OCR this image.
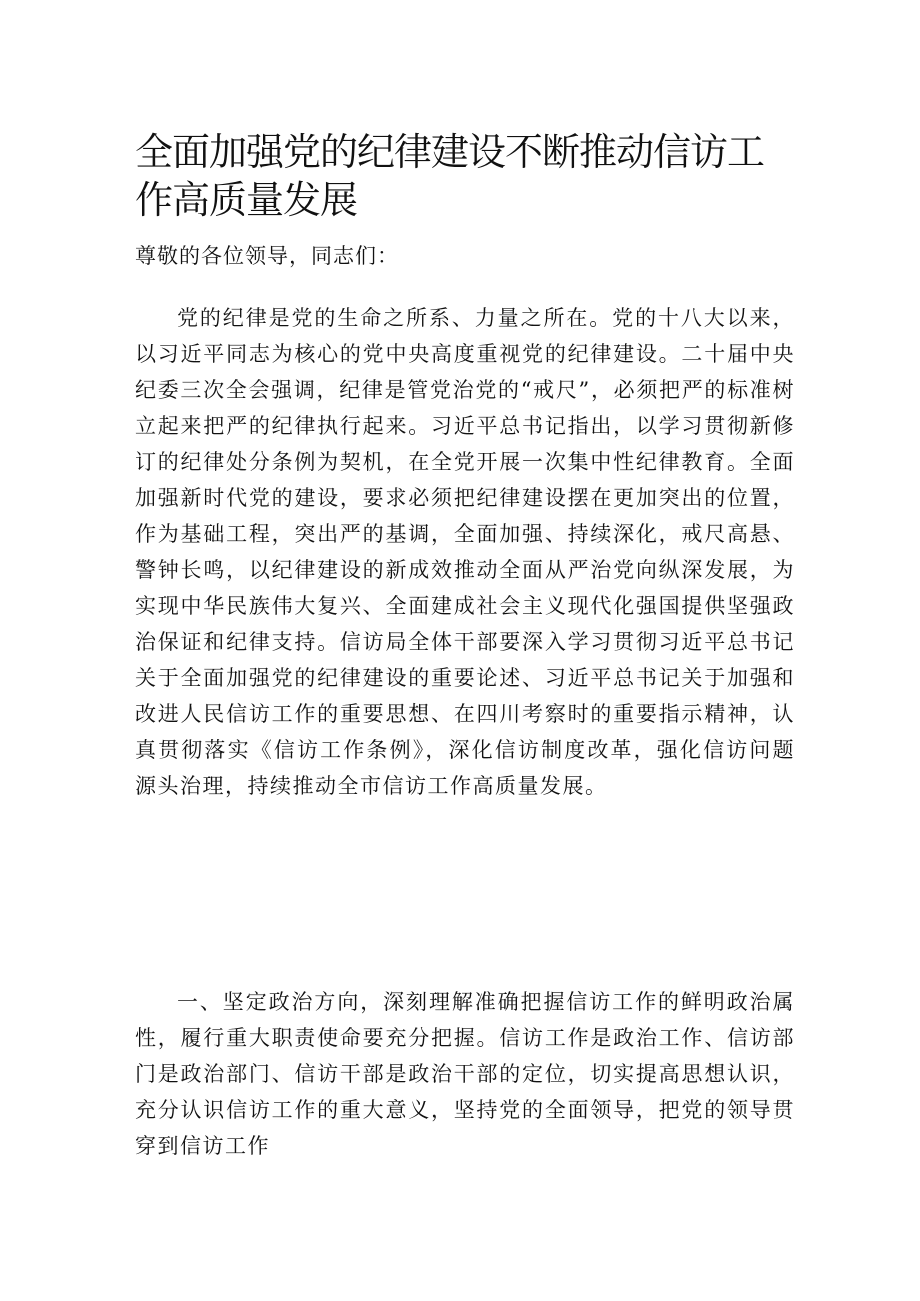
全面加强党的纪律建设不断推动信访工作高质量发展

尊敬的各位领导，同志们：

党的纪律是党的生命之所系、力量之所在。党的十八大以来，以习近平同志为核心的党中央高度重视党的纪律建设。二十届中央纪委三次全会强调，纪律是管党治党的“戒尺”，必须把严的标准树立起来把严的纪律执行起来。习近平总书记指出，以学习贯彻新修订的纪律处分条例为契机，在全党开展一次集中性纪律教育。全面加强新时代党的建设，要求必须把纪律建设摆在更加突出的位置，作为基础工程，突出严的基调，全面加强、持续深化，戒尺高悬、警钟长鸣，以纪律建设的新成效推动全面从严治党向纵深发展，为实现中华民族伟大复兴、全面建成社会主义现代化强国提供坚强政治保证和纪律支持。信访局全体干部要深入学习贯彻习近平总书记关于全面加强党的纪律建设的重要论述、习近平总书记关于加强和改进人民信访工作的重要思想、在四川考察时的重要指示精神，认真贯彻落实《信访工作条例》，深化信访制度改革，强化信访问题源头治理，持续推动全市信访工作高质量发展。

一、坚定政治方向，深刻理解准确把握信访工作的鲜明政治属性，履行重大职责使命要充分把握。信访工作是政治工作、信访部门是政治部门、信访干部是政治干部的定位，切实提高思想认识，充分认识信访工作的重大意义，坚持党的全面领导，把党的领导贯穿到信访工作
